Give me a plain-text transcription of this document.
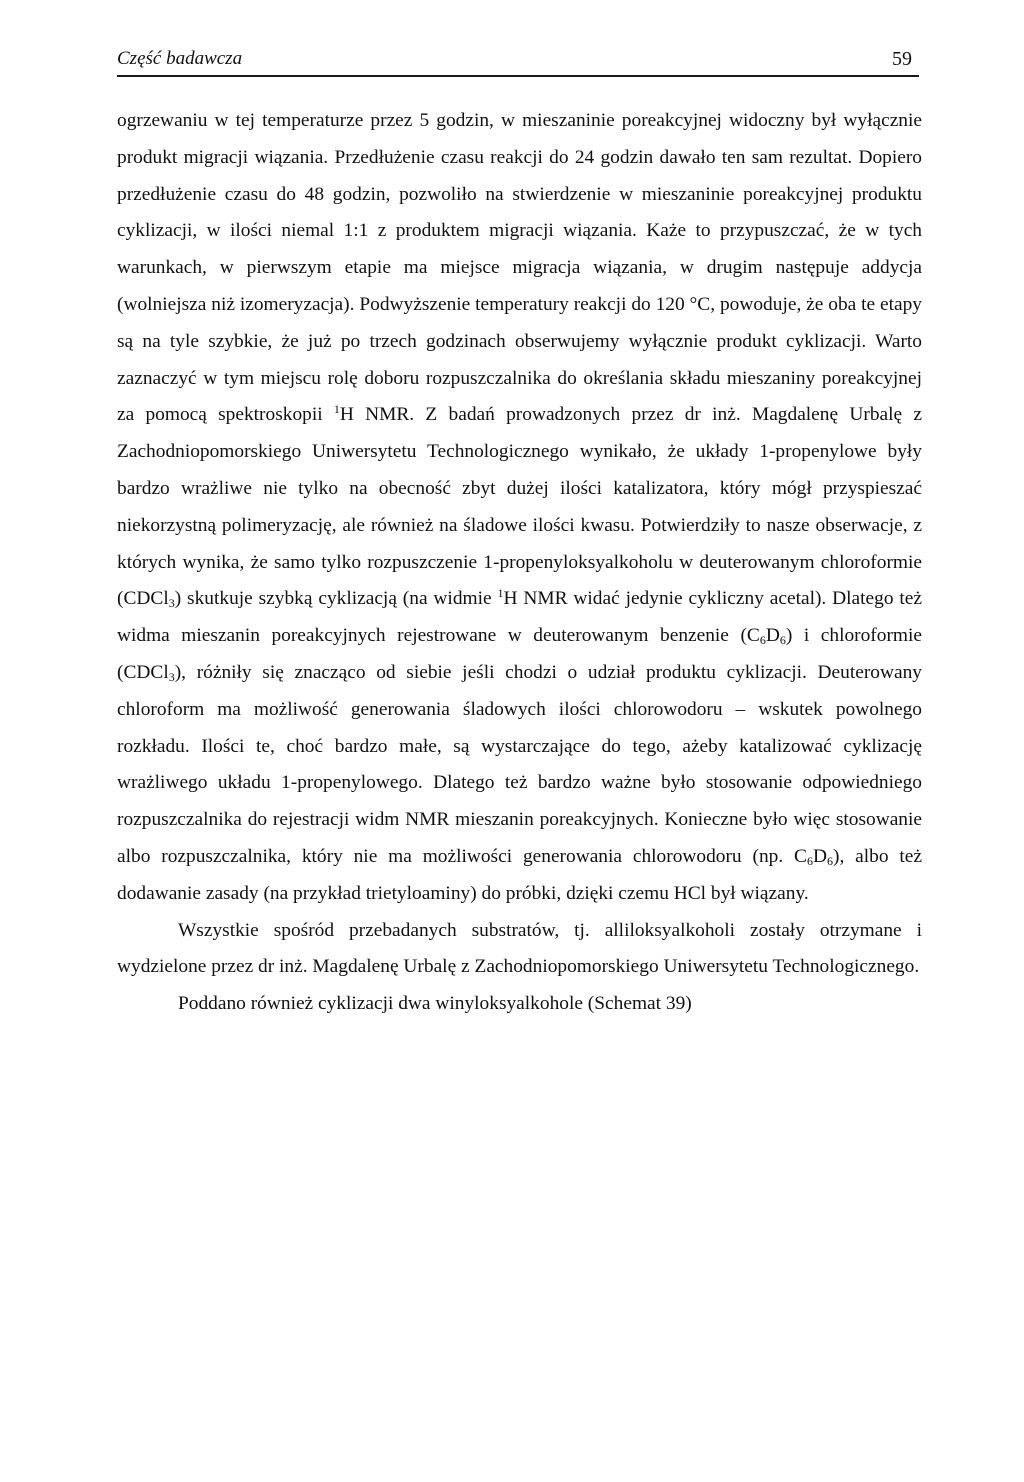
Część badawcza	59

ogrzewaniu w tej temperaturze przez 5 godzin, w mieszaninie poreakcyjnej widoczny był wyłącznie produkt migracji wiązania. Przedłużenie czasu reakcji do 24 godzin dawało ten sam rezultat. Dopiero przedłużenie czasu do 48 godzin, pozwoliło na stwierdzenie w mieszaninie poreakcyjnej produktu cyklizacji, w ilości niemal 1:1 z produktem migracji wiązania. Każe to przypuszczać, że w tych warunkach, w pierwszym etapie ma miejsce migracja wiązania, w drugim następuje addycja (wolniejsza niż izomeryzacja). Podwyższenie temperatury reakcji do 120 °C, powoduje, że oba te etapy są na tyle szybkie, że już po trzech godzinach obserwujemy wyłącznie produkt cyklizacji. Warto zaznaczyć w tym miejscu rolę doboru rozpuszczalnika do określania składu mieszaniny poreakcyjnej za pomocą spektroskopii $^1$H NMR. Z badań prowadzonych przez dr inż. Magdalenę Urbalę z Zachodniopomorskiego Uniwersytetu Technologicznego wynikało, że układy 1-propenylowe były bardzo wrażliwe nie tylko na obecność zbyt dużej ilości katalizatora, który mógł przyspieszać niekorzystną polimeryzację, ale również na śladowe ilości kwasu. Potwierdziły to nasze obserwacje, z których wynika, że samo tylko rozpuszczenie 1-propenyloksyalkoholu w deuterowanym chloroformie (CDCl$_3$) skutkuje szybką cyklizacją (na widmie $^1$H NMR widać jedynie cykliczny acetal). Dlatego też widma mieszanin poreakcyjnych rejestrowane w deuterowanym benzenie $(C_6D_6)$ i chloroformie (CDCl$_3$), różniły się znacząco od siebie jeśli chodzi o udział produktu cyklizacji. Deuterowany chloroform ma możliwość generowania śladowych ilości chlorowodoru – wskutek powolnego rozkładu. Ilości te, choć bardzo małe, są wystarczające do tego, ażeby katalizować cyklizację wrażliwego układu 1-propenylowego. Dlatego też bardzo ważne było stosowanie odpowiedniego rozpuszczalnika do rejestracji widm NMR mieszanin poreakcyjnych. Konieczne było więc stosowanie albo rozpuszczalnika, który nie ma możliwości generowania chlorowodoru (np. $C_6D_6$), albo też dodawanie zasady (na przykład trietyloaminy) do próbki, dzięki czemu HCl był wiązany.

Wszystkie spośród przebadanych substratów, tj. alliloksyalkoholi zostały otrzymane i wydzielone przez dr inż. Magdalenę Urbalę z Zachodniopomorskiego Uniwersytetu Technologicznego.

Poddano również cyklizacji dwa winyloksyalkohole (Schemat 39)
